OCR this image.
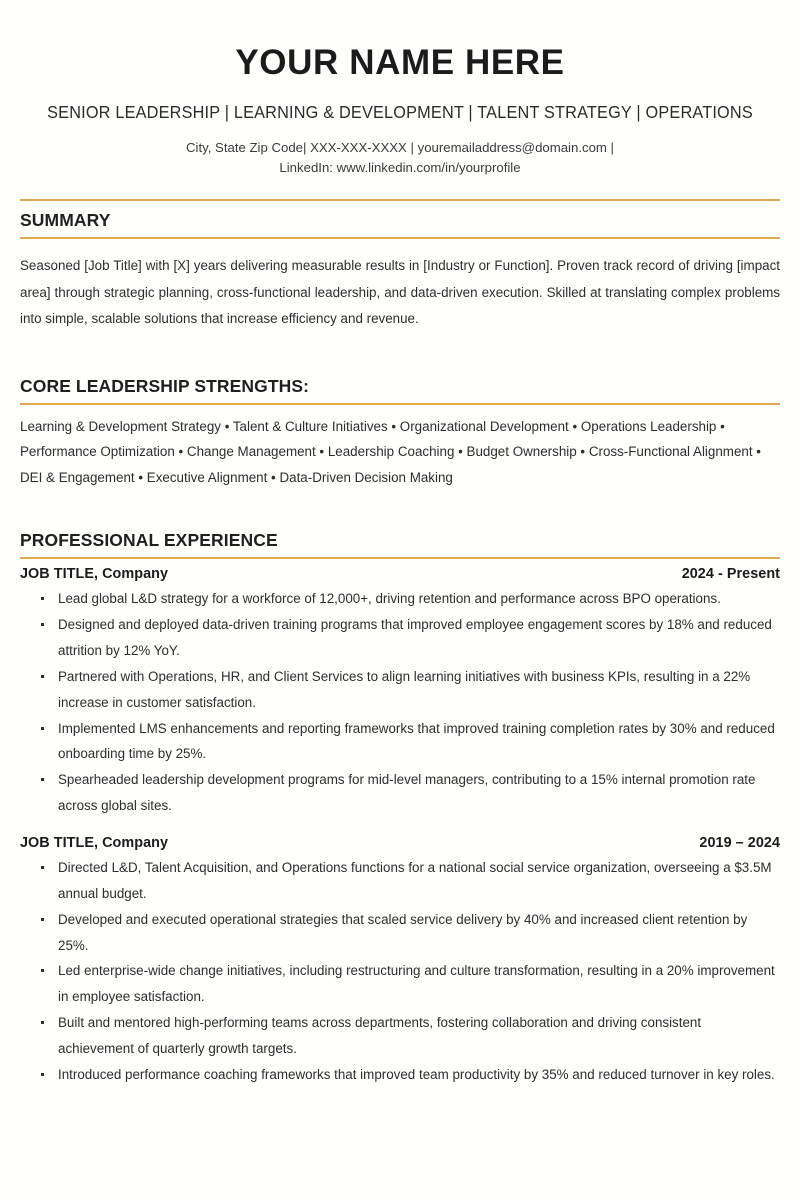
YOUR NAME HERE
SENIOR LEADERSHIP | LEARNING & DEVELOPMENT | TALENT STRATEGY | OPERATIONS
City, State Zip Code| XXX-XXX-XXXX | youremailaddress@domain.com |
LinkedIn: www.linkedin.com/in/yourprofile
SUMMARY

Seasoned [Job Title] with [X] years delivering measurable results in [Industry or Function]. Proven track record of driving [impact area] through strategic planning, cross-functional leadership, and data-driven execution. Skilled at translating complex problems into simple, scalable solutions that increase efficiency and revenue.

CORE LEADERSHIP STRENGTHS:
Learning & Development Strategy • Talent & Culture Initiatives • Organizational Development • Operations Leadership • Performance Optimization • Change Management • Leadership Coaching • Budget Ownership • Cross-Functional Alignment • DEI & Engagement • Executive Alignment • Data-Driven Decision Making
PROFESSIONAL EXPERIENCE
JOB TITLE, Company	2024 - Present
Lead global L&D strategy for a workforce of 12,000+, driving retention and performance across BPO operations.
Designed and deployed data-driven training programs that improved employee engagement scores by 18% and reduced attrition by 12% YoY.
Partnered with Operations, HR, and Client Services to align learning initiatives with business KPIs, resulting in a 22% increase in customer satisfaction.
Implemented LMS enhancements and reporting frameworks that improved training completion rates by 30% and reduced onboarding time by 25%.
Spearheaded leadership development programs for mid-level managers, contributing to a 15% internal promotion rate across global sites.
JOB TITLE, Company	2019 – 2024
Directed L&D, Talent Acquisition, and Operations functions for a national social service organization, overseeing a $3.5M annual budget.
Developed and executed operational strategies that scaled service delivery by 40% and increased client retention by 25%.
Led enterprise-wide change initiatives, including restructuring and culture transformation, resulting in a 20% improvement in employee satisfaction.
Built and mentored high-performing teams across departments, fostering collaboration and driving consistent achievement of quarterly growth targets.
Introduced performance coaching frameworks that improved team productivity by 35% and reduced turnover in key roles.
